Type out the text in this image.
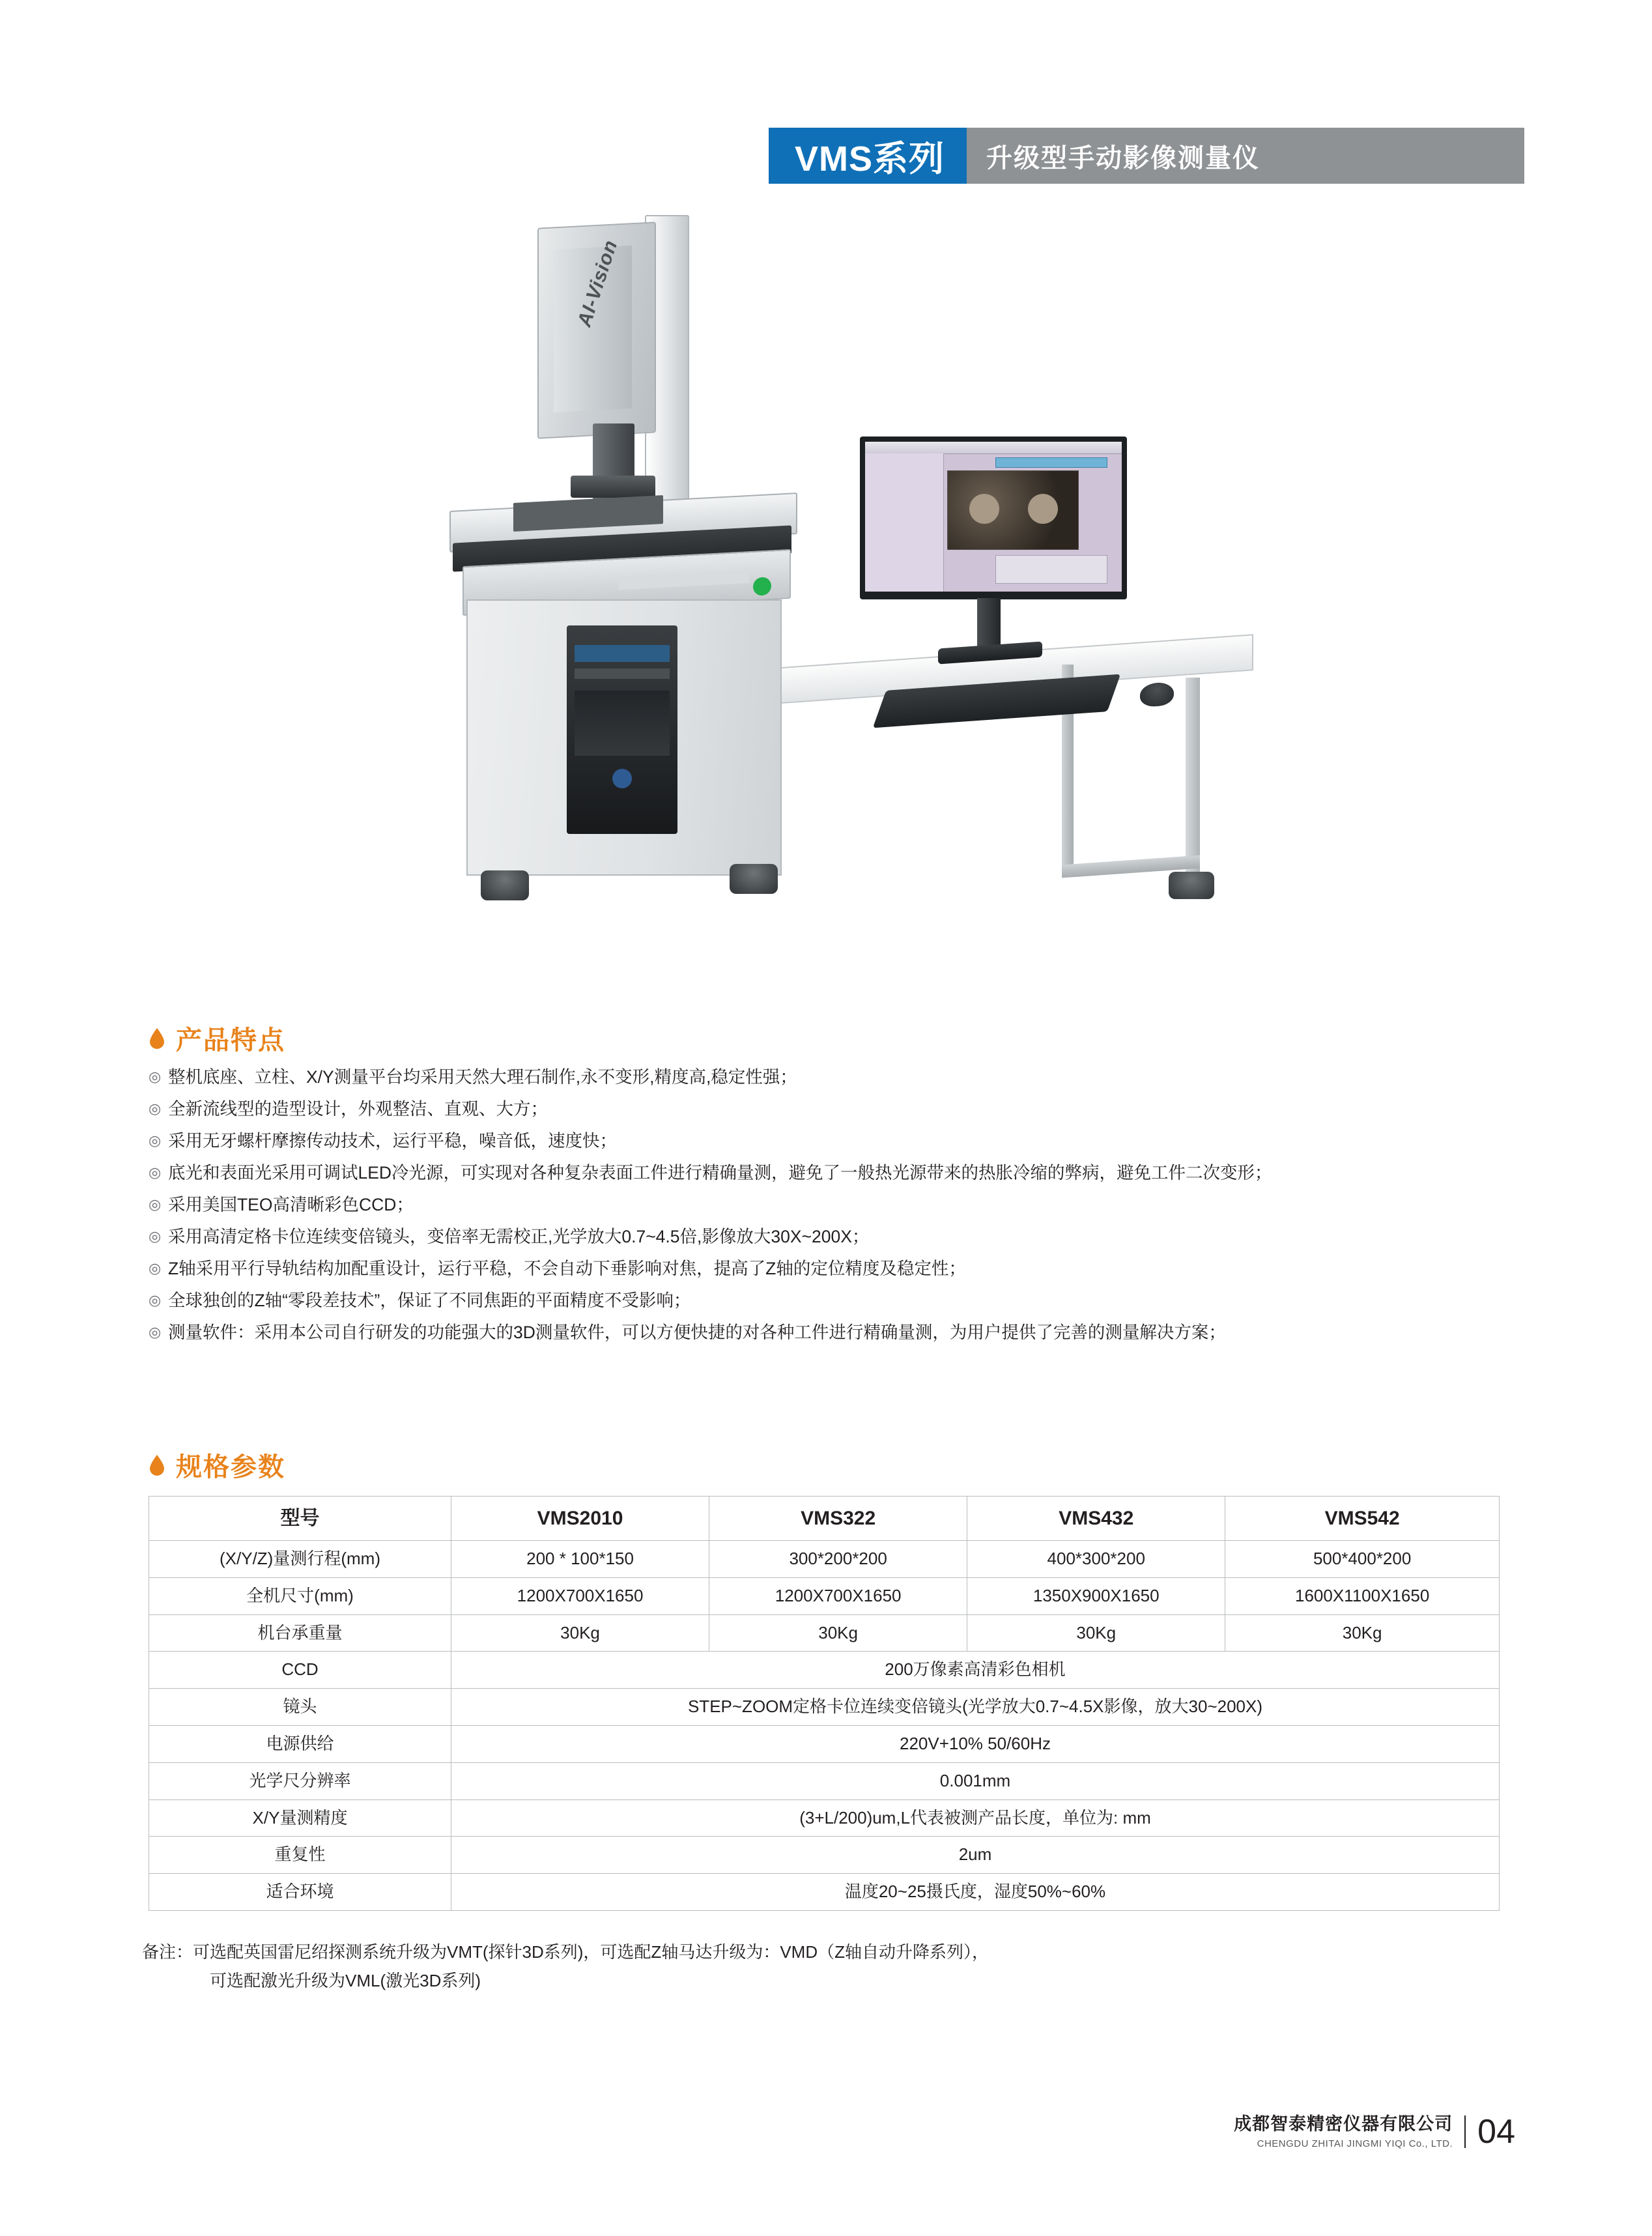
VMS系列 升级型手动影像测量仪
AI-Vision
产品特点
◎ 整机底座、立柱、X/Y测量平台均采用天然大理石制作,永不变形,精度高,稳定性强；
◎ 全新流线型的造型设计，外观整洁、直观、大方；
◎ 采用无牙螺杆摩擦传动技术，运行平稳，噪音低，速度快；
◎ 底光和表面光采用可调试LED冷光源，可实现对各种复杂表面工件进行精确量测，避免了一般热光源带来的热胀冷缩的弊病，避免工件二次变形；
◎ 采用美国TEO高清晰彩色CCD；
◎ 采用高清定格卡位连续变倍镜头，变倍率无需校正,光学放大0.7~4.5倍,影像放大30X~200X；
◎ Z轴采用平行导轨结构加配重设计，运行平稳，不会自动下垂影响对焦，提高了Z轴的定位精度及稳定性；
◎ 全球独创的Z轴“零段差技术”，保证了不同焦距的平面精度不受影响；
◎ 测量软件：采用本公司自行研发的功能强大的3D测量软件，可以方便快捷的对各种工件进行精确量测，为用户提供了完善的测量解决方案；
规格参数
型号	VMS2010	VMS322	VMS432	VMS542
(X/Y/Z)量测行程(mm)	200 * 100*150	300*200*200	400*300*200	500*400*200
全机尺寸(mm)	1200X700X1650	1200X700X1650	1350X900X1650	1600X1100X1650
机台承重量	30Kg	30Kg	30Kg	30Kg
CCD	200万像素高清彩色相机			
镜头	STEP~ZOOM定格卡位连续变倍镜头(光学放大0.7~4.5X影像，放大30~200X)			
电源供给	220V+10% 50/60Hz			
光学尺分辨率	0.001mm			
X/Y量测精度	(3+L/200)um,L代表被测产品长度，单位为: mm			
重复性	2um			
适合环境	温度20~25摄氏度，湿度50%~60%			
备注：可选配英国雷尼绍探测系统升级为VMT(探针3D系列)，可选配Z轴马达升级为：VMD（Z轴自动升降系列），
可选配激光升级为VML(激光3D系列)
成都智泰精密仪器有限公司
CHENGDU ZHITAI JINGMI YIQI Co., LTD. 04
